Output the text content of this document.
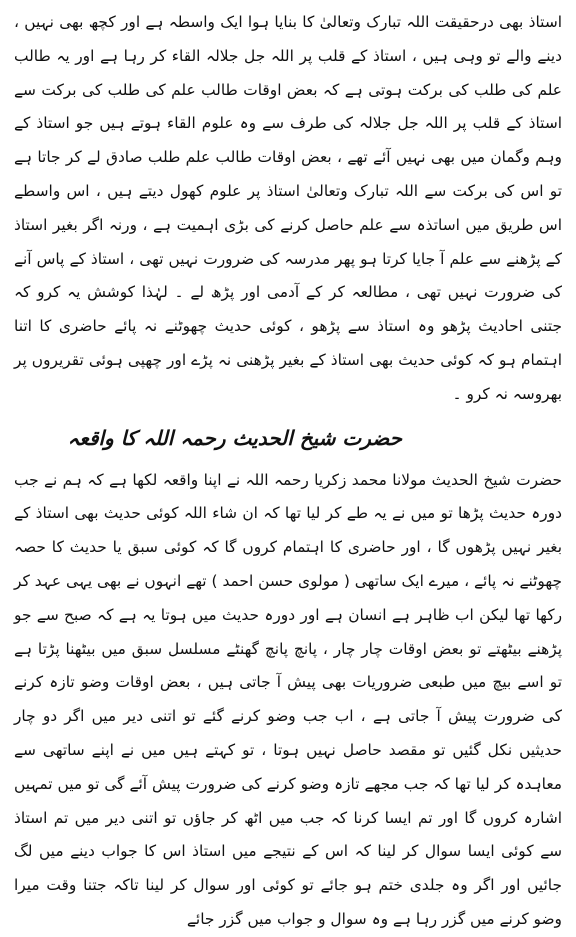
استاذ بھی درحقیقت اللہ تبارک وتعالیٰ کا بنایا ہوا ایک واسطہ ہے اور کچھ بھی نہیں ، دینے والے تو وہی ہیں ، استاذ کے قلب پر اللہ جل جلالہ القاء کر رہا ہے اور یہ طالب علم کی طلب کی برکت ہوتی ہے کہ بعض اوقات طالب علم کی طلب کی برکت سے استاذ کے قلب پر اللہ جل جلالہ کی طرف سے وہ علوم القاء ہوتے ہیں جو استاذ کے وہم وگمان میں بھی نہیں آئے تھے ، بعض اوقات طالب علم طلب صادق لے کر جاتا ہے تو اس کی برکت سے اللہ تبارک وتعالیٰ استاذ پر علوم کھول دیتے ہیں ، اس واسطے اس طریق میں اساتذہ سے علم حاصل کرنے کی بڑی اہمیت ہے ، ورنہ اگر بغیر استاذ کے پڑھنے سے علم آ جایا کرتا ہو پھر مدرسہ کی ضرورت نہیں تھی ، استاذ کے پاس آنے کی ضرورت نہیں تھی ، مطالعہ کر کے آدمی اور پڑھ لے ۔ لہٰذا کوشش یہ کرو کہ جتنی احادیث پڑھو وہ استاذ سے پڑھو ، کوئی حدیث چھوٹنے نہ پائے حاضری کا اتنا اہتمام ہو کہ کوئی حدیث بھی استاذ کے بغیر پڑھنی نہ پڑے اور چھپی ہوئی تقریروں پر بھروسہ نہ کرو ۔

حضرت شیخ الحدیث رحمہ اللہ کا واقعہ

حضرت شیخ الحدیث مولانا محمد زکریا رحمہ اللہ نے اپنا واقعہ لکھا ہے کہ ہم نے جب دورہ حدیث پڑھا تو میں نے یہ طے کر لیا تھا کہ ان شاء اللہ کوئی حدیث بھی استاذ کے بغیر نہیں پڑھوں گا ، اور حاضری کا اہتمام کروں گا کہ کوئی سبق یا حدیث کا حصہ چھوٹنے نہ پائے ، میرے ایک ساتھی ( مولوی حسن احمد ) تھے انہوں نے بھی یہی عہد کر رکھا تھا لیکن اب ظاہر ہے انسان ہے اور دورہ حدیث میں ہوتا یہ ہے کہ صبح سے جو پڑھنے بیٹھتے تو بعض اوقات چار چار ، پانچ پانچ گھنٹے مسلسل سبق میں بیٹھنا پڑتا ہے تو اسے بیچ میں طبعی ضروریات بھی پیش آ جاتی ہیں ، بعض اوقات وضو تازہ کرنے کی ضرورت پیش آ جاتی ہے ، اب جب وضو کرنے گئے تو اتنی دیر میں اگر دو چار حدیثیں نکل گئیں تو مقصد حاصل نہیں ہوتا ، تو کہتے ہیں میں نے اپنے ساتھی سے معاہدہ کر لیا تھا کہ جب مجھے تازہ وضو کرنے کی ضرورت پیش آئے گی تو میں تمہیں اشارہ کروں گا اور تم ایسا کرنا کہ جب میں اٹھ کر جاؤں تو اتنی دیر میں تم استاذ سے کوئی ایسا سوال کر لینا کہ اس کے نتیجے میں استاذ اس کا جواب دینے میں لگ جائیں اور اگر وہ جلدی ختم ہو جائے تو کوئی اور سوال کر لینا تاکہ جتنا وقت میرا وضو کرنے میں گزر رہا ہے وہ سوال و جواب میں گزر جائے
